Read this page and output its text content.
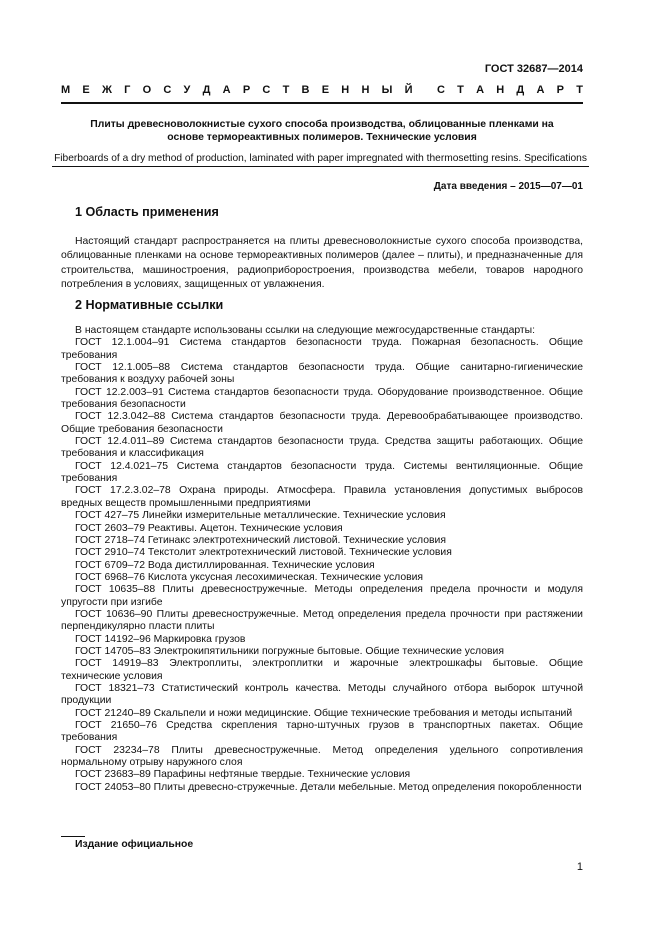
ГОСТ 32687—2014
М Е Ж Г О С У Д А Р С Т В Е Н Н Ы Й С Т А Н Д А Р Т
Плиты древесноволокнистые сухого способа производства, облицованные пленками на
основе термореактивных полимеров. Технические условия
Fiberboards of a dry method of production, laminated with paper impregnated with thermosetting resins. Specifications
Дата введения – 2015—07—01
1 Область применения
Настоящий стандарт распространяется на плиты древесноволокнистые сухого способа производства, облицованные пленками на основе термореактивных полимеров (далее – плиты), и предназначенные для строительства, машиностроения, радиоприборостроения, производства мебели, товаров народного потребления в условиях, защищенных от увлажнения.
2 Нормативные ссылки

В настоящем стандарте использованы ссылки на следующие межгосударственные стандарты:

ГОСТ 12.1.004–91 Система стандартов безопасности труда. Пожарная безопасность. Общие требования

ГОСТ 12.1.005–88 Система стандартов безопасности труда. Общие санитарно-гигиенические требования к воздуху рабочей зоны

ГОСТ 12.2.003–91 Система стандартов безопасности труда. Оборудование производственное. Общие требования безопасности

ГОСТ 12.3.042–88 Система стандартов безопасности труда. Деревообрабатывающее производство. Общие требования безопасности

ГОСТ 12.4.011–89 Система стандартов безопасности труда. Средства защиты работающих. Общие требования и классификация

ГОСТ 12.4.021–75 Система стандартов безопасности труда. Системы вентиляционные. Общие требования

ГОСТ 17.2.3.02–78 Охрана природы. Атмосфера. Правила установления допустимых выбросов вредных веществ промышленными предприятиями

ГОСТ 427–75 Линейки измерительные металлические. Технические условия

ГОСТ 2603–79 Реактивы. Ацетон. Технические условия

ГОСТ 2718–74 Гетинакс электротехнический листовой. Технические условия

ГОСТ 2910–74 Текстолит электротехнический листовой. Технические условия

ГОСТ 6709–72 Вода дистиллированная. Технические условия

ГОСТ 6968–76 Кислота уксусная лесохимическая. Технические условия

ГОСТ 10635–88 Плиты древесностружечные. Методы определения предела прочности и модуля упругости при изгибе

ГОСТ 10636–90 Плиты древесностружечные. Метод определения предела прочности при растяжении перпендикулярно пласти плиты

ГОСТ 14192–96 Маркировка грузов

ГОСТ 14705–83 Электрокипятильники погружные бытовые. Общие технические условия

ГОСТ 14919–83 Электроплиты, электроплитки и жарочные электрошкафы бытовые. Общие технические условия

ГОСТ 18321–73 Статистический контроль качества. Методы случайного отбора выборок штучной продукции

ГОСТ 21240–89 Скальпели и ножи медицинские. Общие технические требования и методы испытаний

ГОСТ 21650–76 Средства скрепления тарно-штучных грузов в транспортных пакетах. Общие требования

ГОСТ 23234–78 Плиты древесностружечные. Метод определения удельного сопротивления нормальному отрыву наружного слоя

ГОСТ 23683–89 Парафины нефтяные твердые. Технические условия

ГОСТ 24053–80 Плиты древесно-стружечные. Детали мебельные. Метод определения покоробленности

Издание официальное
1
